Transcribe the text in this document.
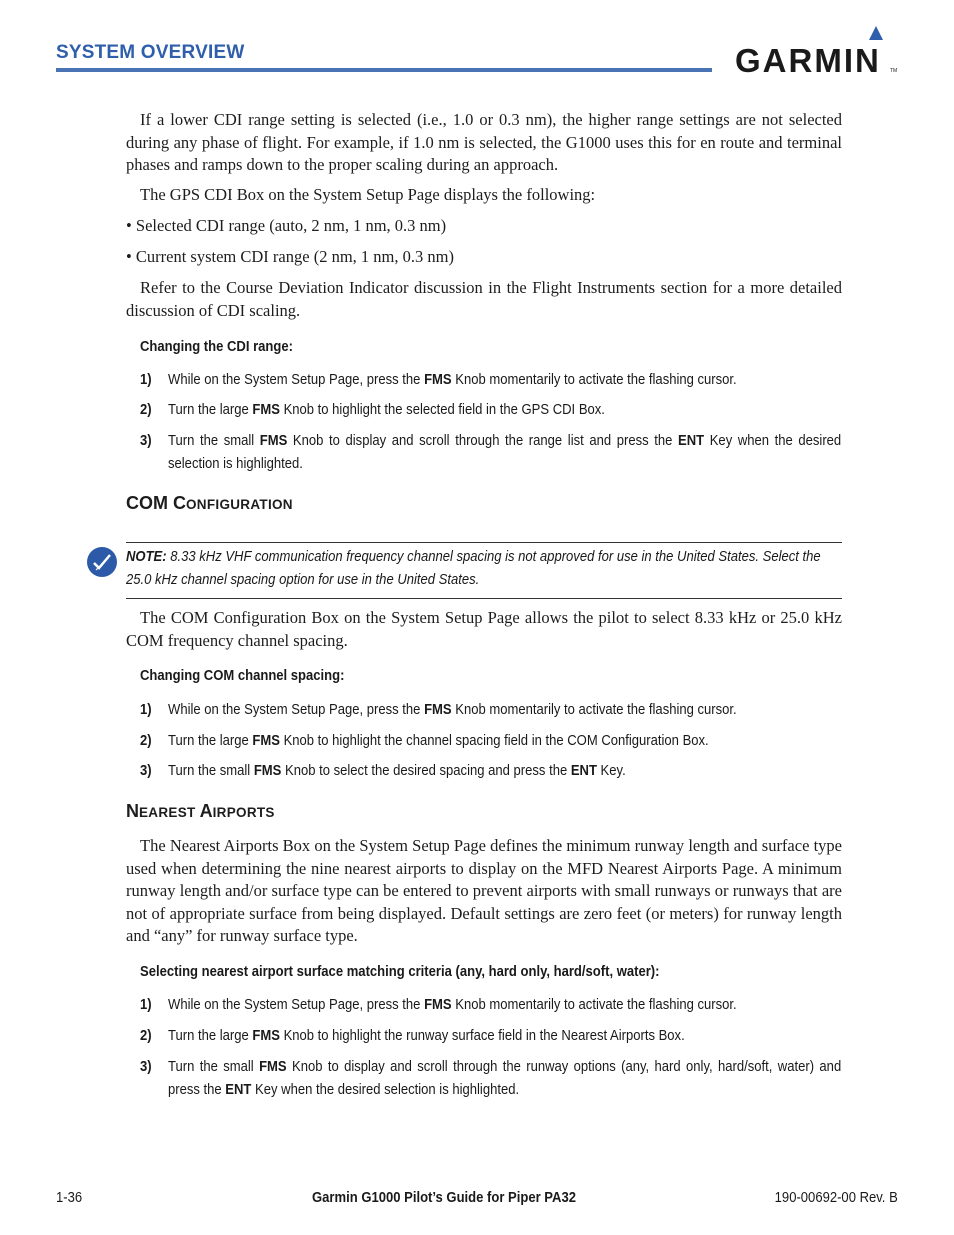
SYSTEM OVERVIEW	GARMIN TM

If a lower CDI range setting is selected (i.e., 1.0 or 0.3 nm), the higher range settings are not selected during any phase of flight. For example, if 1.0 nm is selected, the G1000 uses this for en route and terminal phases and ramps down to the proper scaling during an approach.

The GPS CDI Box on the System Setup Page displays the following:

• Selected CDI range (auto, 2 nm, 1 nm, 0.3 nm)
• Current system CDI range (2 nm, 1 nm, 0.3 nm)

Refer to the Course Deviation Indicator discussion in the Flight Instruments section for a more detailed discussion of CDI scaling.

Changing the CDI range:
1) While on the System Setup Page, press the FMS Knob momentarily to activate the flashing cursor.
2) Turn the large FMS Knob to highlight the selected field in the GPS CDI Box.
3) Turn the small FMS Knob to display and scroll through the range list and press the ENT Key when the desired selection is highlighted.
COM CONFIGURATION
NOTE: 8.33 kHz VHF communication frequency channel spacing is not approved for use in the United States. Select the 25.0 kHz channel spacing option for use in the United States.

The COM Configuration Box on the System Setup Page allows the pilot to select 8.33 kHz or 25.0 kHz COM frequency channel spacing.

Changing COM channel spacing:
1) While on the System Setup Page, press the FMS Knob momentarily to activate the flashing cursor.
2) Turn the large FMS Knob to highlight the channel spacing field in the COM Configuration Box.
3) Turn the small FMS Knob to select the desired spacing and press the ENT Key.
NEAREST AIRPORTS

The Nearest Airports Box on the System Setup Page defines the minimum runway length and surface type used when determining the nine nearest airports to display on the MFD Nearest Airports Page. A minimum runway length and/or surface type can be entered to prevent airports with small runways or runways that are not of appropriate surface from being displayed. Default settings are zero feet (or meters) for runway length and “any” for runway surface type.

Selecting nearest airport surface matching criteria (any, hard only, hard/soft, water):
1) While on the System Setup Page, press the FMS Knob momentarily to activate the flashing cursor.
2) Turn the large FMS Knob to highlight the runway surface field in the Nearest Airports Box.
3) Turn the small FMS Knob to display and scroll through the runway options (any, hard only, hard/soft, water) and press the ENT Key when the desired selection is highlighted.
1-36	Garmin G1000 Pilot’s Guide for Piper PA32	190-00692-00 Rev. B
